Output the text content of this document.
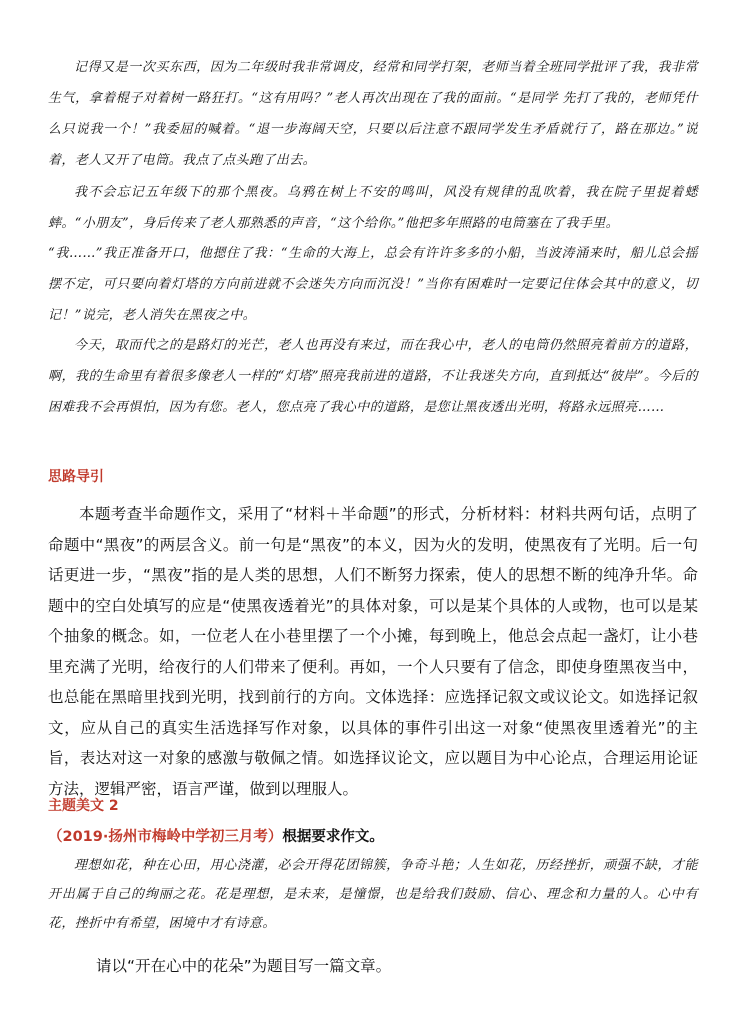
记得又是一次买东西，因为二年级时我非常调皮，经常和同学打架，老师当着全班同学批评了我，我非常生气，拿着棍子对着树一路狂打。“这有用吗？”老人再次出现在了我的面前。“是同学 先打了我的，老师凭什么只说我一个！”我委屈的喊着。“退一步海阔天空，只要以后注意不跟同学发生矛盾就行了，路在那边。”说着，老人又开了电筒。我点了点头跑了出去。

我不会忘记五年级下的那个黑夜。乌鸦在树上不安的鸣叫，风没有规律的乱吹着，我在院子里捉着蟋蟀。“小朋友”，身后传来了老人那熟悉的声音，“这个给你。”他把多年照路的电筒塞在了我手里。

“我……”我正准备开口，他摁住了我：“生命的大海上，总会有许许多多的小船，当波涛涌来时，船儿总会摇摆不定，可只要向着灯塔的方向前进就不会迷失方向而沉没！”当你有困难时一定要记住体会其中的意义，切记！”说完，老人消失在黑夜之中。

今天，取而代之的是路灯的光芒，老人也再没有来过，而在我心中，老人的电筒仍然照亮着前方的道路，啊，我的生命里有着很多像老人一样的“灯塔”照亮我前进的道路，不让我迷失方向，直到抵达“彼岸”。今后的困难我不会再惧怕，因为有您。老人，您点亮了我心中的道路，是您让黑夜透出光明，将路永远照亮……

思路导引

本题考查半命题作文，采用了“材料＋半命题”的形式，分析材料：材料共两句话，点明了命题中“黑夜”的两层含义。前一句是“黑夜”的本义，因为火的发明，使黑夜有了光明。后一句话更进一步，“黑夜”指的是人类的思想，人们不断努力探索，使人的思想不断的纯净升华。命题中的空白处填写的应是“使黑夜透着光”的具体对象，可以是某个具体的人或物，也可以是某个抽象的概念。如，一位老人在小巷里摆了一个小摊，每到晚上，他总会点起一盏灯，让小巷里充满了光明，给夜行的人们带来了便利。再如，一个人只要有了信念，即使身堕黑夜当中，也总能在黑暗里找到光明，找到前行的方向。文体选择：应选择记叙文或议论文。如选择记叙文，应从自己的真实生活选择写作对象，以具体的事件引出这一对象“使黑夜里透着光”的主旨，表达对这一对象的感激与敬佩之情。如选择议论文，应以题目为中心论点，合理运用论证方法，逻辑严密，语言严谨，做到以理服人。

主题美文 2
（2019·扬州市梅岭中学初三月考）根据要求作文。

理想如花，种在心田，用心浇灌，必会开得花团锦簇，争奇斗艳；人生如花，历经挫折，顽强不缺，才能开出属于自己的绚丽之花。花是理想，是未来，是憧憬，也是给我们鼓励、信心、理念和力量的人。心中有花，挫折中有希望，困境中才有诗意。

请以“开在心中的花朵”为题目写一篇文章。
